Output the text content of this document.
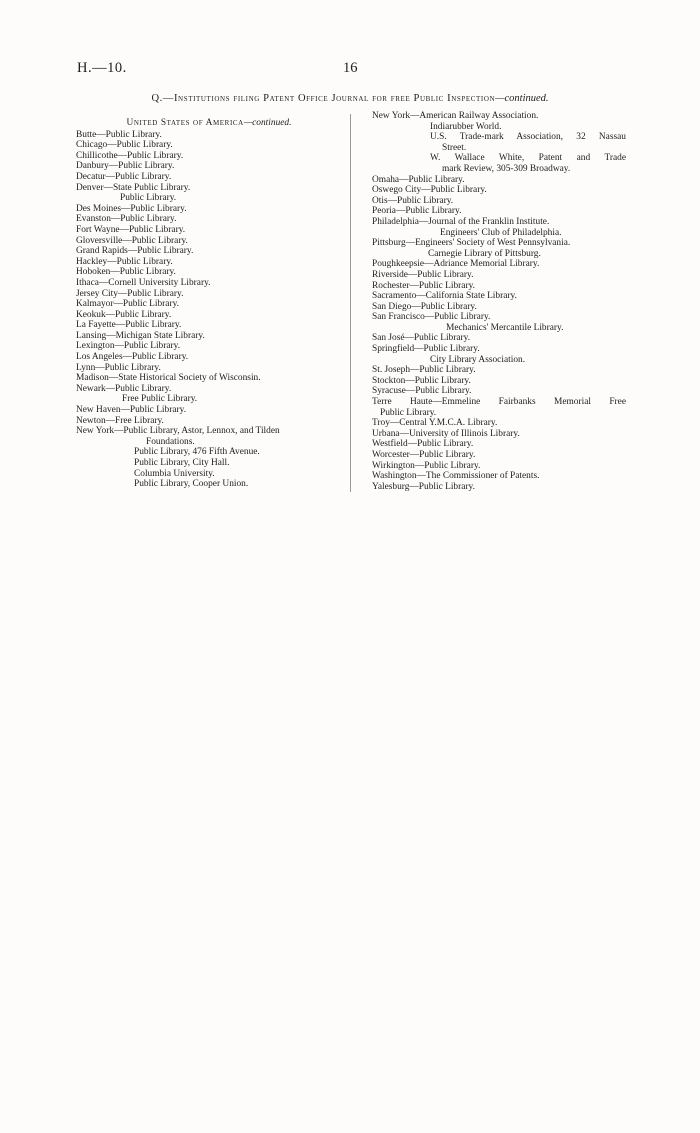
H.—10.	16
Q.—Institutions filing Patent Office Journal for free Public Inspection—continued.
United States of America—continued.
Butte—Public Library.
Chicago—Public Library.
Chillicothe—Public Library.
Danbury—Public Library.
Decatur—Public Library.
Denver—State Public Library.
Public Library.
Des Moines—Public Library.
Evanston—Public Library.
Fort Wayne—Public Library.
Gloversville—Public Library.
Grand Rapids—Public Library.
Hackley—Public Library.
Hoboken—Public Library.
Ithaca—Cornell University Library.
Jersey City—Public Library.
Kalmayor—Public Library.
Keokuk—Public Library.
La Fayette—Public Library.
Lansing—Michigan State Library.
Lexington—Public Library.
Los Angeles—Public Library.
Lynn—Public Library.
Madison—State Historical Society of Wisconsin.
Newark—Public Library.
Free Public Library.
New Haven—Public Library.
Newton—Free Library.
New York—Public Library, Astor, Lennox, and Tilden
Foundations.
Public Library, 476 Fifth Avenue.
Public Library, City Hall.
Columbia University.
Public Library, Cooper Union.
New York—American Railway Association.
Indiarubber World.
U.S. Trade-mark Association, 32 Nassau
Street.
W. Wallace White, Patent and Trade
mark Review, 305-309 Broadway.
Omaha—Public Library.
Oswego City—Public Library.
Otis—Public Library.
Peoria—Public Library.
Philadelphia—Journal of the Franklin Institute.
Engineers' Club of Philadelphia.
Pittsburg—Engineers' Society of West Pennsylvania.
Carnegie Library of Pittsburg.
Poughkeepsie—Adriance Memorial Library.
Riverside—Public Library.
Rochester—Public Library.
Sacramento—California State Library.
San Diego—Public Library.
San Francisco—Public Library.
Mechanics' Mercantile Library.
San José—Public Library.
Springfield—Public Library.
City Library Association.
St. Joseph—Public Library.
Stockton—Public Library.
Syracuse—Public Library.
Terre Haute—Emmeline Fairbanks Memorial Free
Public Library.
Troy—Central Y.M.C.A. Library.
Urbana—University of Illinois Library.
Westfield—Public Library.
Worcester—Public Library.
Wirkington—Public Library.
Washington—The Commissioner of Patents.
Yalesburg—Public Library.
